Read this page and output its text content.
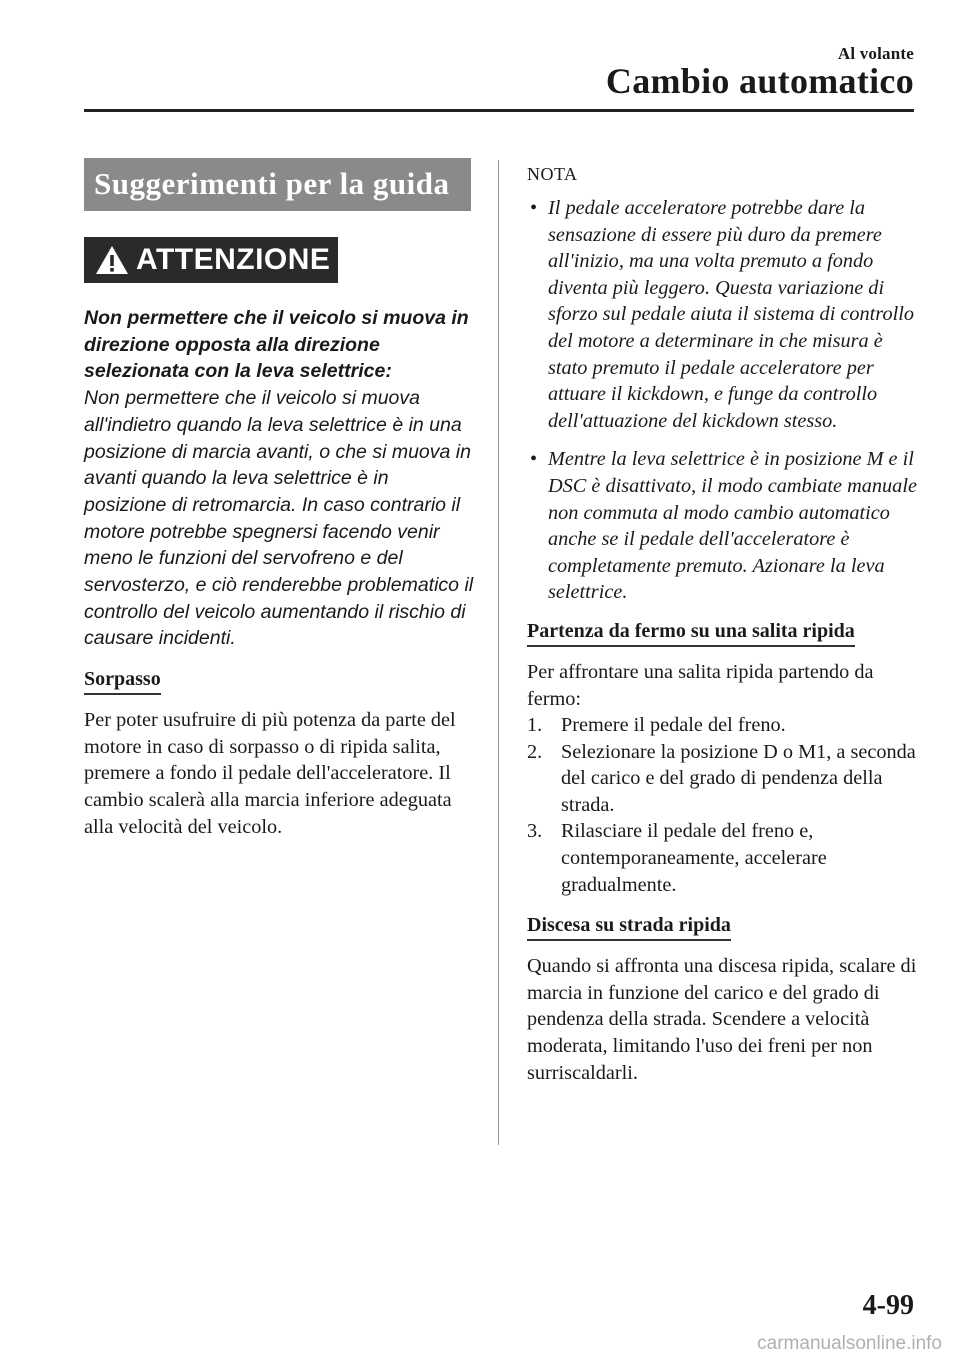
Al volante
Cambio automatico
Suggerimenti per la guida
ATTENZIONE
Non permettere che il veicolo si muova in direzione opposta alla direzione selezionata con la leva selettrice:

Non permettere che il veicolo si muova all'indietro quando la leva selettrice è in una posizione di marcia avanti, o che si muova in avanti quando la leva selettrice è in posizione di retromarcia. In caso contrario il motore potrebbe spegnersi facendo venir meno le funzioni del servofreno e del servosterzo, e ciò renderebbe problematico il controllo del veicolo aumentando il rischio di causare incidenti.

Sorpasso

Per poter usufruire di più potenza da parte del motore in caso di sorpasso o di ripida salita, premere a fondo il pedale dell'acceleratore. Il cambio scalerà alla marcia inferiore adeguata alla velocità del veicolo.

NOTA
• Il pedale acceleratore potrebbe dare la sensazione di essere più duro da premere all'inizio, ma una volta premuto a fondo diventa più leggero. Questa variazione di sforzo sul pedale aiuta il sistema di controllo del motore a determinare in che misura è stato premuto il pedale acceleratore per attuare il kickdown, e funge da controllo dell'attuazione del kickdown stesso.
• Mentre la leva selettrice è in posizione M e il DSC è disattivato, il modo cambiate manuale non commuta al modo cambio automatico anche se il pedale dell'acceleratore è completamente premuto. Azionare la leva selettrice.
Partenza da fermo su una salita ripida

Per affrontare una salita ripida partendo da fermo:

1. Premere il pedale del freno.
2. Selezionare la posizione D o M1, a seconda del carico e del grado di pendenza della strada.
3. Rilasciare il pedale del freno e, contemporaneamente, accelerare gradualmente.
Discesa su strada ripida

Quando si affronta una discesa ripida, scalare di marcia in funzione del carico e del grado di pendenza della strada. Scendere a velocità moderata, limitando l'uso dei freni per non surriscaldarli.

4-99
carmanualsonline.info
